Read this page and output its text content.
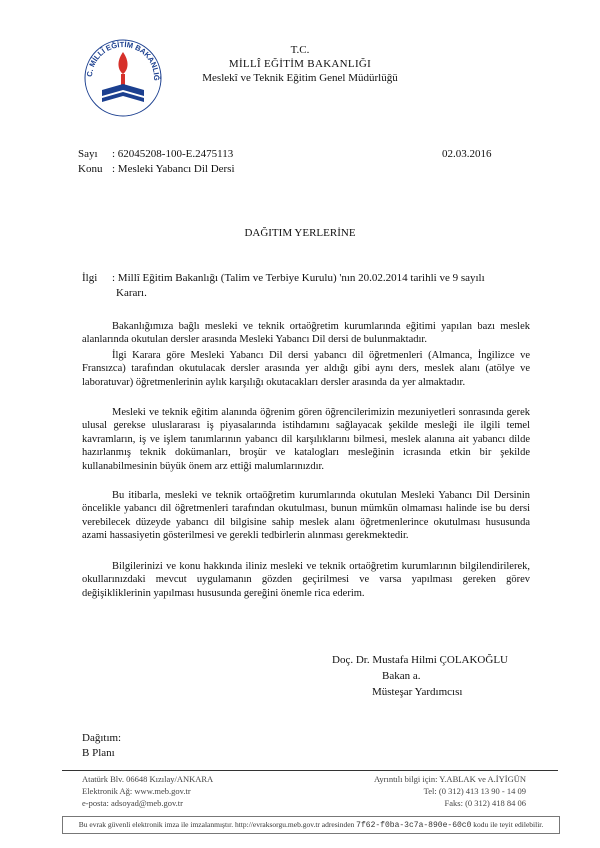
C. MİLLÎ EĞİTİM BAKANLIĞ
T.C.
MİLLÎ EĞİTİM BAKANLIĞI
Meslekî ve Teknik Eğitim Genel Müdürlüğü
Sayı : 62045208-100-E.2475113	02.03.2016
Konu : Mesleki Yabancı Dil Dersi
DAĞITIM YERLERİNE
İlgi : Millî Eğitim Bakanlığı (Talim ve Terbiye Kurulu) 'nın 20.02.2014 tarihli ve 9 sayılı
Kararı.

Bakanlığımıza bağlı mesleki ve teknik ortaöğretim kurumlarında eğitimi yapılan bazı meslek alanlarında okutulan dersler arasında Mesleki Yabancı Dil dersi de bulunmaktadır.

İlgi Karara göre Mesleki Yabancı Dil dersi yabancı dil öğretmenleri (Almanca, İngilizce ve Fransızca) tarafından okutulacak dersler arasında yer aldığı gibi aynı ders, meslek alanı (atölye ve laboratuvar) öğretmenlerinin aylık karşılığı okutacakları dersler arasında da yer almaktadır.

Mesleki ve teknik eğitim alanında öğrenim gören öğrencilerimizin mezuniyetleri sonrasında gerek ulusal gerekse uluslararası iş piyasalarında istihdamını sağlayacak şekilde mesleği ile ilgili temel kavramların, iş ve işlem tanımlarının yabancı dil karşılıklarını bilmesi, meslek alanına ait yabancı dilde hazırlanmış teknik dokümanları, broşür ve katalogları mesleğinin icrasında etkin bir şekilde kullanabilmesinin büyük önem arz ettiği malumlarınızdır.

Bu itibarla, mesleki ve teknik ortaöğretim kurumlarında okutulan Mesleki Yabancı Dil Dersinin öncelikle yabancı dil öğretmenleri tarafından okutulması, bunun mümkün olmaması halinde ise bu dersi verebilecek düzeyde yabancı dil bilgisine sahip meslek alanı öğretmenlerince okutulması hususunda azami hassasiyetin gösterilmesi ve gerekli tedbirlerin alınması gerekmektedir.

Bilgilerinizi ve konu hakkında iliniz mesleki ve teknik ortaöğretim kurumlarının bilgilendirilerek, okullarınızdaki mevcut uygulamanın gözden geçirilmesi ve varsa yapılması gereken görev değişikliklerinin yapılması hususunda gereğini önemle rica ederim.

Doç. Dr. Mustafa Hilmi ÇOLAKOĞLU
Bakan a.
Müsteşar Yardımcısı
Dağıtım:
B Planı
Atatürk Blv. 06648 Kızılay/ANKARA
Elektronik Ağ: www.meb.gov.tr
e-posta: adsoyad@meb.gov.tr
Ayrıntılı bilgi için: Y.ABLAK ve A.İYİGÜN
Tel: (0 312) 413 13 90 - 14 09
Faks: (0 312) 418 84 06
Bu evrak güvenli elektronik imza ile imzalanmıştır. http://evraksorgu.meb.gov.tr adresinden 7f62-f0ba-3c7a-890e-60c0 kodu ile teyit edilebilir.
